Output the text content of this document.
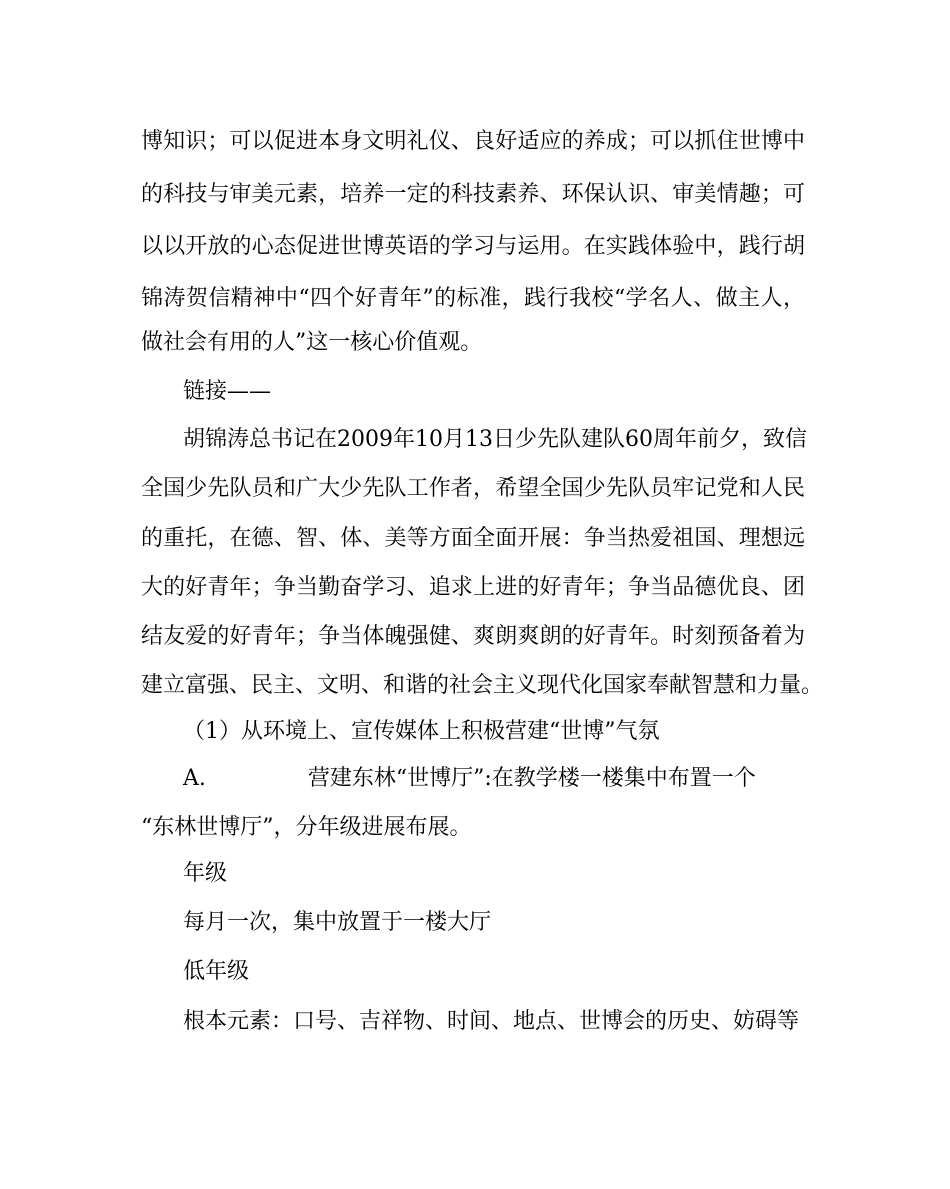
博知识；可以促进本身文明礼仪、良好适应的养成；可以抓住世博中
的科技与审美元素，培养一定的科技素养、环保认识、审美情趣；可
以以开放的心态促进世博英语的学习与运用。在实践体验中，践行胡
锦涛贺信精神中“四个好青年”的标准，践行我校“学名人、做主人，
做社会有用的人”这一核心价值观。
链接——
胡锦涛总书记在2009年10月13日少先队建队60周年前夕，致信
全国少先队员和广大少先队工作者，希望全国少先队员牢记党和人民
的重托，在德、智、体、美等方面全面开展：争当热爱祖国、理想远
大的好青年；争当勤奋学习、追求上进的好青年；争当品德优良、团
结友爱的好青年；争当体魄强健、爽朗爽朗的好青年。时刻预备着为
建立富强、民主、文明、和谐的社会主义现代化国家奉献智慧和力量。
（1）从环境上、宣传媒体上积极营建“世博”气氛
A.	营建东林“世博厅”:在教学楼一楼集中布置一个
“东林世博厅”，分年级进展布展。
年级
每月一次，集中放置于一楼大厅
低年级
根本元素：口号、吉祥物、时间、地点、世博会的历史、妨碍等
